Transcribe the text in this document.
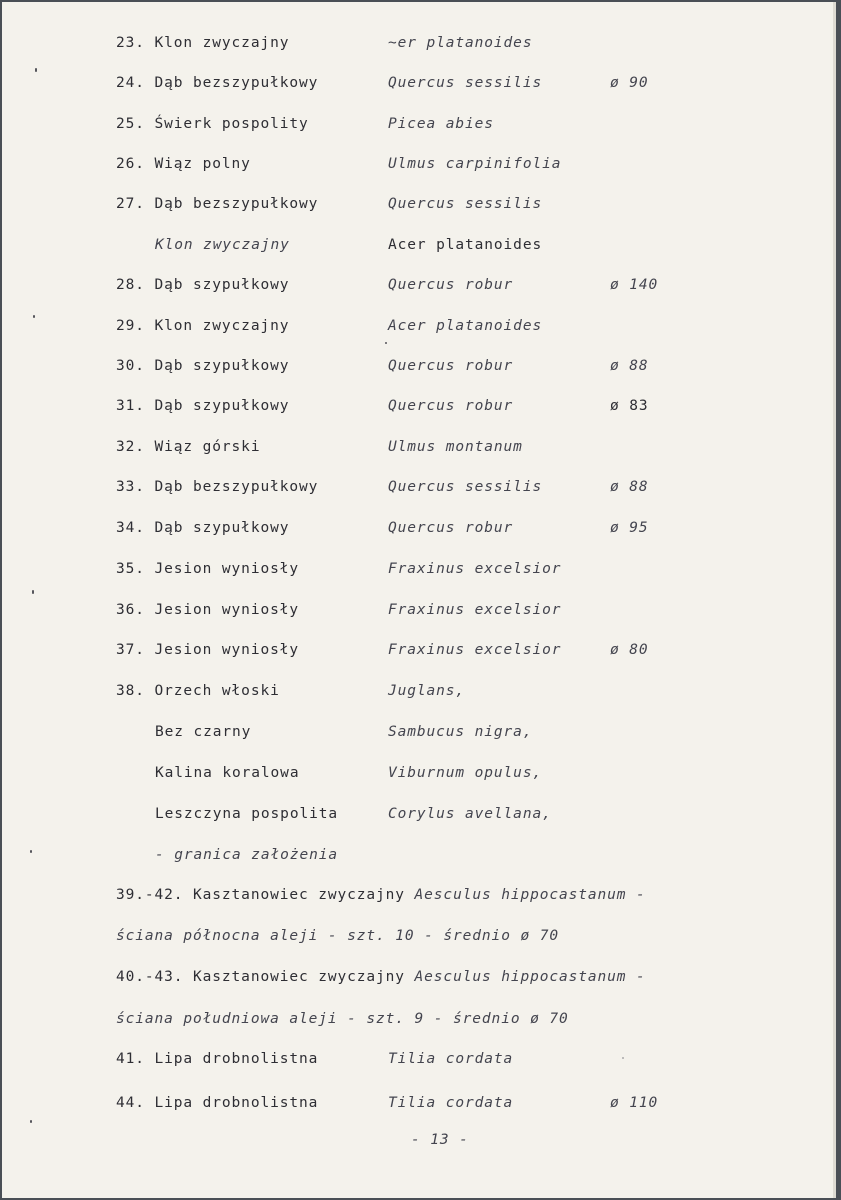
23. Klon zwyczajny	~er platanoides
24. Dąb bezszypułkowy	Quercus sessilis	ø 90
25. Świerk pospolity	Picea abies
26. Wiąz polny	Ulmus carpinifolia
27. Dąb bezszypułkowy	Quercus sessilis
Klon zwyczajny	Acer platanoides
28. Dąb szypułkowy	Quercus robur	ø 140
29. Klon zwyczajny	Acer platanoides
30. Dąb szypułkowy	Quercus robur	ø 88
31. Dąb szypułkowy	Quercus robur	ø 83
32. Wiąz górski	Ulmus montanum
33. Dąb bezszypułkowy	Quercus sessilis	ø 88
34. Dąb szypułkowy	Quercus robur	ø 95
35. Jesion wyniosły	Fraxinus excelsior
36. Jesion wyniosły	Fraxinus excelsior
37. Jesion wyniosły	Fraxinus excelsior	ø 80
38. Orzech włoski	Juglans,
Bez czarny	Sambucus nigra,
Kalina koralowa	Viburnum opulus,
Leszczyna pospolita	Corylus avellana,
- granica założenia
39.-42. Kasztanowiec zwyczajny Aesculus hippocastanum -
ściana północna aleji - szt. 10 - średnio ø 70
40.-43. Kasztanowiec zwyczajny Aesculus hippocastanum -
ściana południowa aleji - szt. 9 - średnio ø 70
41. Lipa drobnolistna	Tilia cordata
44. Lipa drobnolistna	Tilia cordata	ø 110
- 13 -
